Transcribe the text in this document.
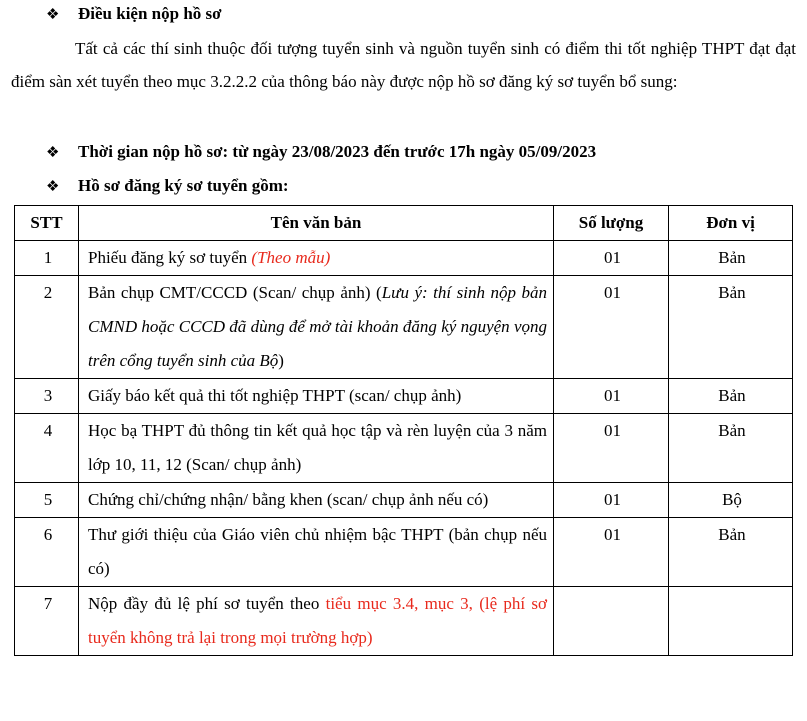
❖ Điều kiện nộp hồ sơ
Tất cả các thí sinh thuộc đối tượng tuyển sinh và nguồn tuyển sinh có điểm thi tốt nghiệp THPT đạt đạt điểm sàn xét tuyển theo mục 3.2.2.2 của thông báo này được nộp hồ sơ đăng ký sơ tuyển bổ sung:
❖ Thời gian nộp hồ sơ: từ ngày 23/08/2023 đến trước 17h ngày 05/09/2023
❖ Hồ sơ đăng ký sơ tuyển gồm:
STT	Tên văn bản	Số lượng	Đơn vị
1	Phiếu đăng ký sơ tuyển (Theo mẫu)	01	Bản
2	Bản chụp CMT/CCCD (Scan/ chụp ảnh) (Lưu ý: thí sinh nộp bản CMND hoặc CCCD đã dùng để mở tài khoản đăng ký nguyện vọng trên cổng tuyển sinh của Bộ)	01	Bản
3	Giấy báo kết quả thi tốt nghiệp THPT (scan/ chụp ảnh)	01	Bản
4	Học bạ THPT đủ thông tin kết quả học tập và rèn luyện của 3 năm lớp 10, 11, 12 (Scan/ chụp ảnh)	01	Bản
5	Chứng chỉ/chứng nhận/ bằng khen (scan/ chụp ảnh nếu có)	01	Bộ
6	Thư giới thiệu của Giáo viên chủ nhiệm bậc THPT (bản chụp nếu có)	01	Bản
7	Nộp đầy đủ lệ phí sơ tuyển theo tiểu mục 3.4, mục 3, (lệ phí sơ tuyển không trả lại trong mọi trường hợp)		
